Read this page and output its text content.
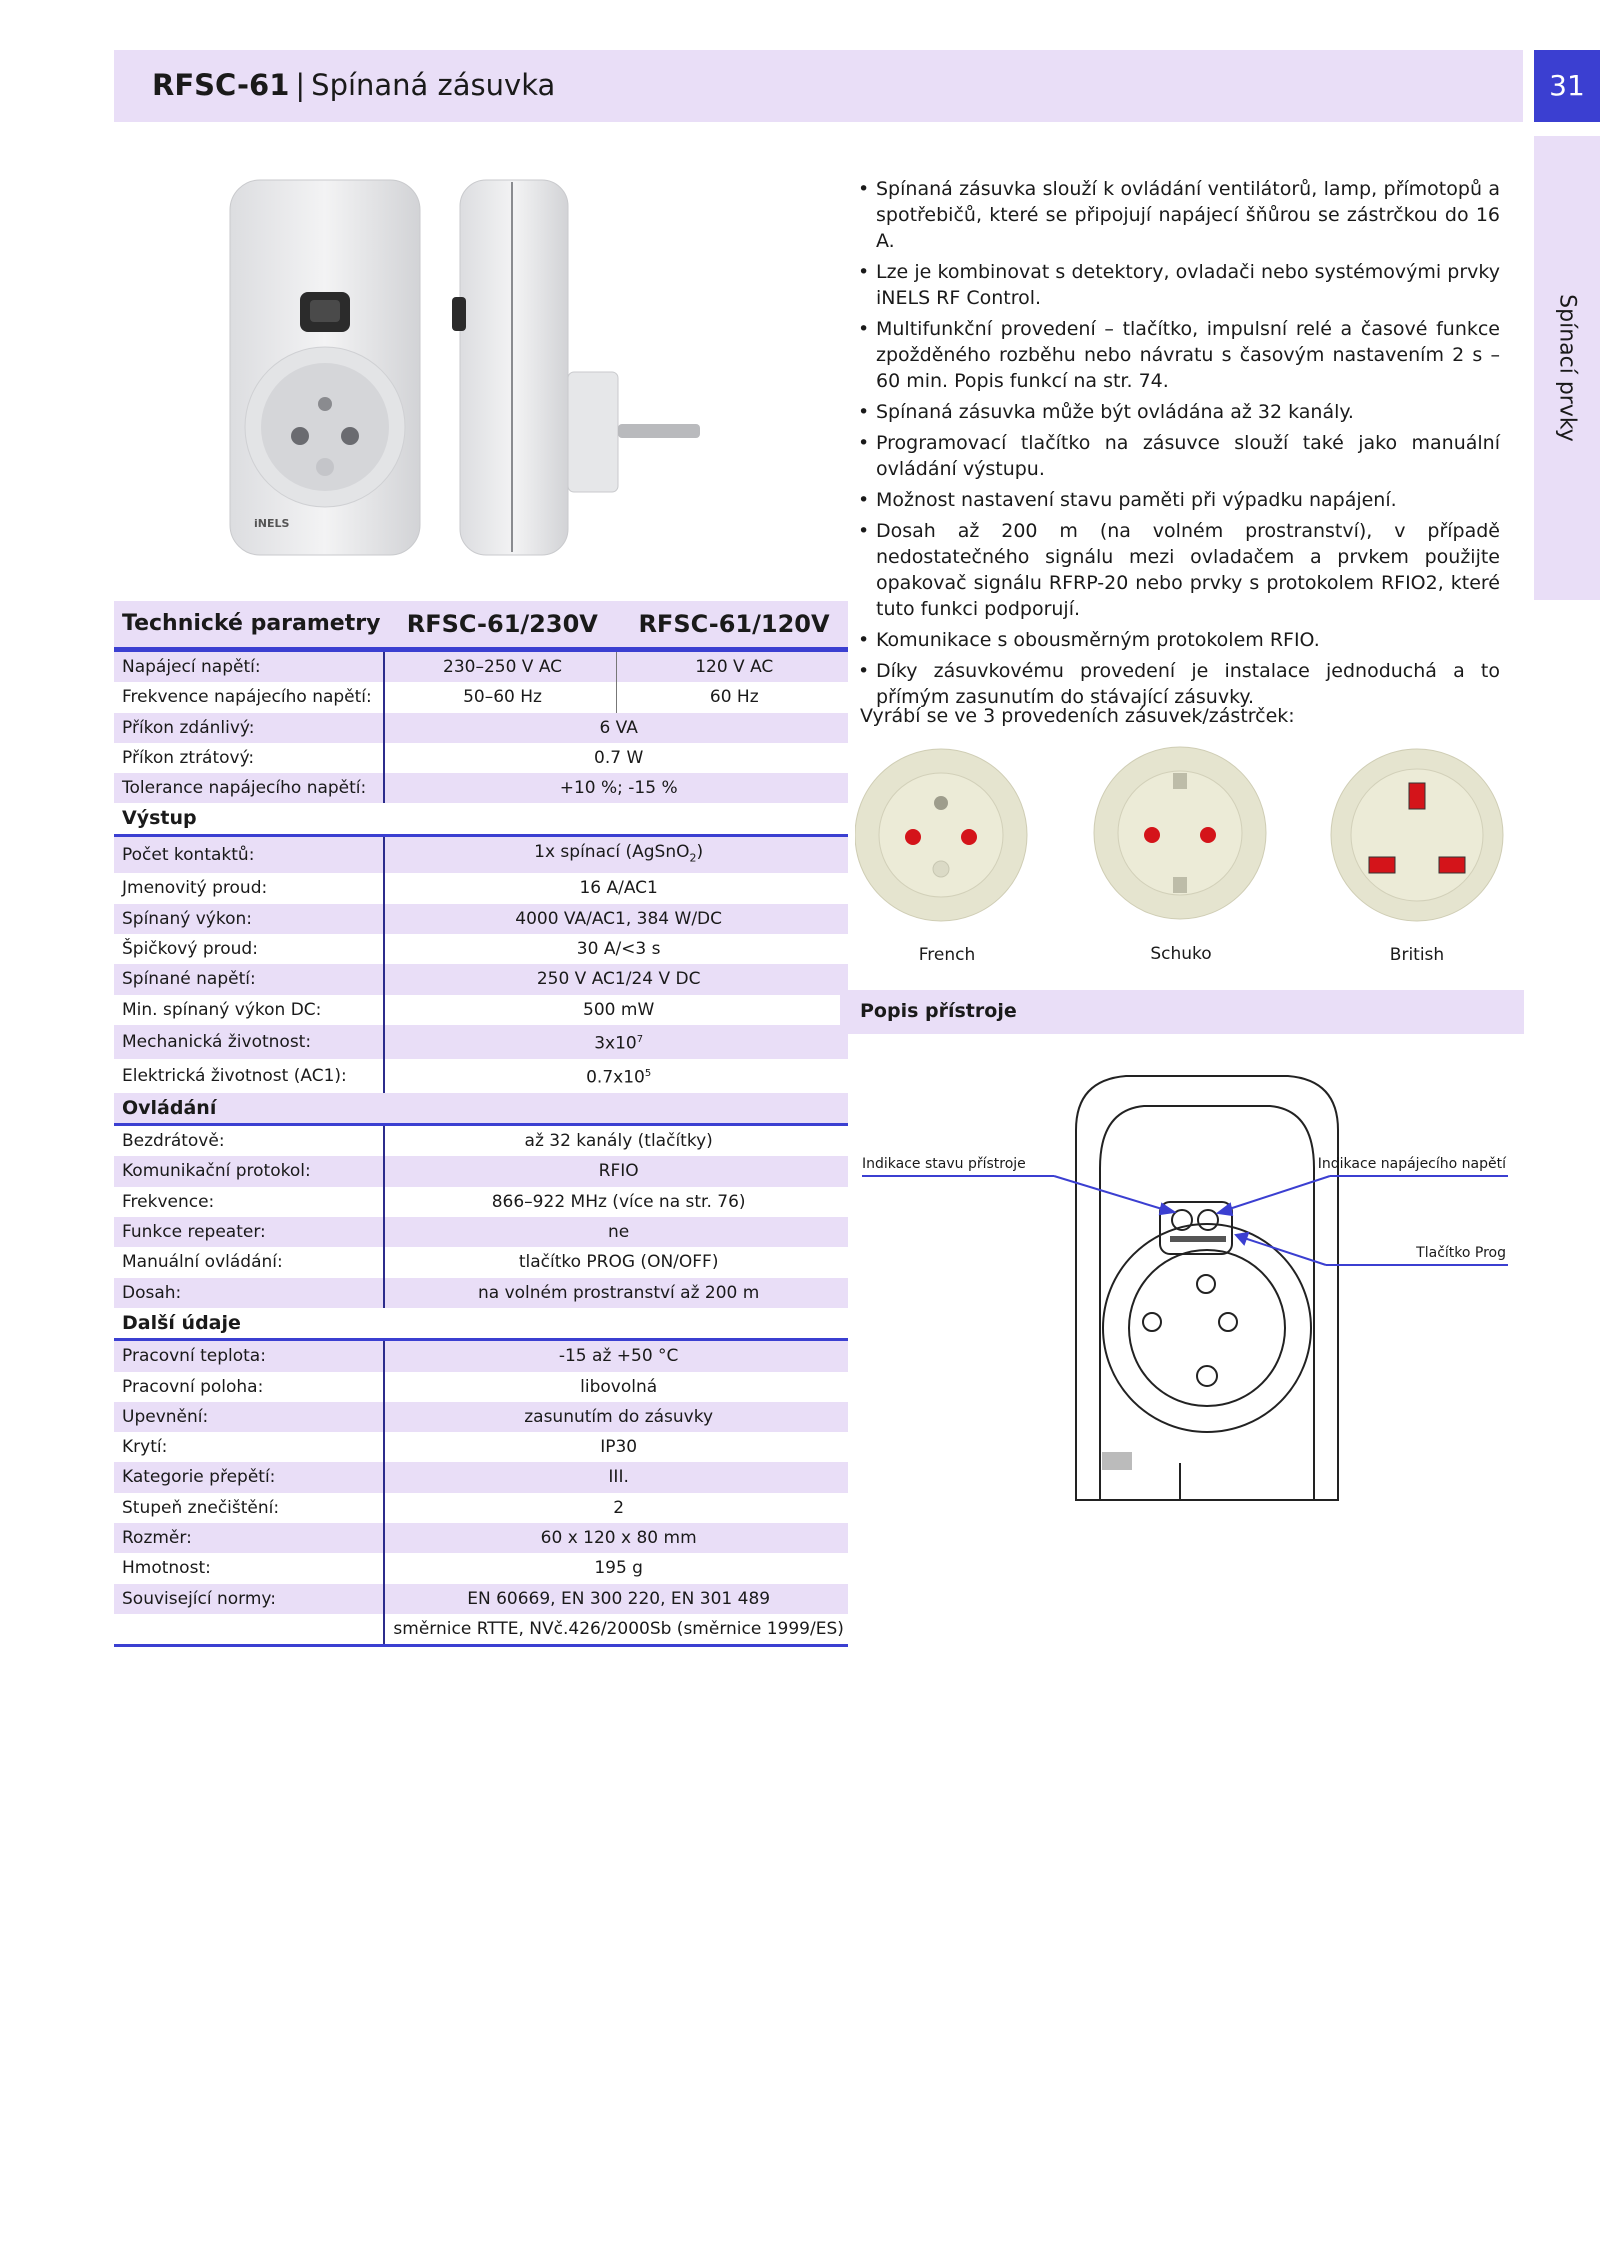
RFSC-61 | Spínaná zásuvka	31
Spínací prvky
iNELS
Technické parametry	RFSC-61/230V	RFSC-61/120V
Napájecí napětí:	230–250 V AC	120 V AC
Frekvence napájecího napětí:	50–60 Hz	60 Hz
Příkon zdánlivý:	6 VA	
Příkon ztrátový:	0.7 W	
Tolerance napájecího napětí:	+10 %; -15 %	
Výstup		
Počet kontaktů:	1x spínací (AgSnO$_2$)	
Jmenovitý proud:	16 A/AC1	
Spínaný výkon:	4000 VA/AC1, 384 W/DC	
Špičkový proud:	30 A/<3 s	
Spínané napětí:	250 V AC1/24 V DC	
Min. spínaný výkon DC:	500 mW	
Mechanická životnost:	$3x10^7$
Elektrická životnost (AC1):	$0.7x10^5$
Ovládání		
Bezdrátově:	až 32 kanály (tlačítky)	
Komunikační protokol:	RFIO	
Frekvence:	866–922 MHz (více na str. 76)	
Funkce repeater:	ne	
Manuální ovládání:	tlačítko PROG (ON/OFF)	
Dosah:	na volném prostranství až 200 m	
Další údaje		
Pracovní teplota:	-15 až +50 °C	
Pracovní poloha:	libovolná	
Upevnění:	zasunutím do zásuvky	
Krytí:	IP30	
Kategorie přepětí:	III.	
Stupeň znečištění:	2	
Rozměr:	60 x 120 x 80 mm	
Hmotnost:	195 g	
Související normy:	EN 60669, EN 300 220, EN 301 489	
	směrnice RTTE, NVč.426/2000Sb (směrnice 1999/ES)	
• Spínaná zásuvka slouží k ovládání ventilátorů, lamp, přímotopů a spotřebičů, které se připojují napájecí šňůrou se zástrčkou do 16 A.
• Lze je kombinovat s detektory, ovladači nebo systémovými prvky iNELS RF Control.
• Multifunkční provedení – tlačítko, impulsní relé a časové funkce zpožděného rozběhu nebo návratu s časovým nastavením 2 s – 60 min. Popis funkcí na str. 74.
• Spínaná zásuvka může být ovládána až 32 kanály.
• Programovací tlačítko na zásuvce slouží také jako manuální ovládání výstupu.
• Možnost nastavení stavu paměti při výpadku napájení.
• Dosah až 200 m (na volném prostranství), v případě nedostatečného signálu mezi ovladačem a prvkem použijte opakovač signálu RFRP-20 nebo prvky s protokolem RFIO2, které tuto funkci podporují.
• Komunikace s obousměrným protokolem RFIO.
• Díky zásuvkovému provedení je instalace jednoduchá a to přímým zasunutím do stávající zásuvky.
Vyrábí se ve 3 provedeních zásuvek/zástrček:
French	Schuko	British
Popis přístroje
Indikace stavu přístroje	Indikace napájecího napětí
Tlačítko Prog
